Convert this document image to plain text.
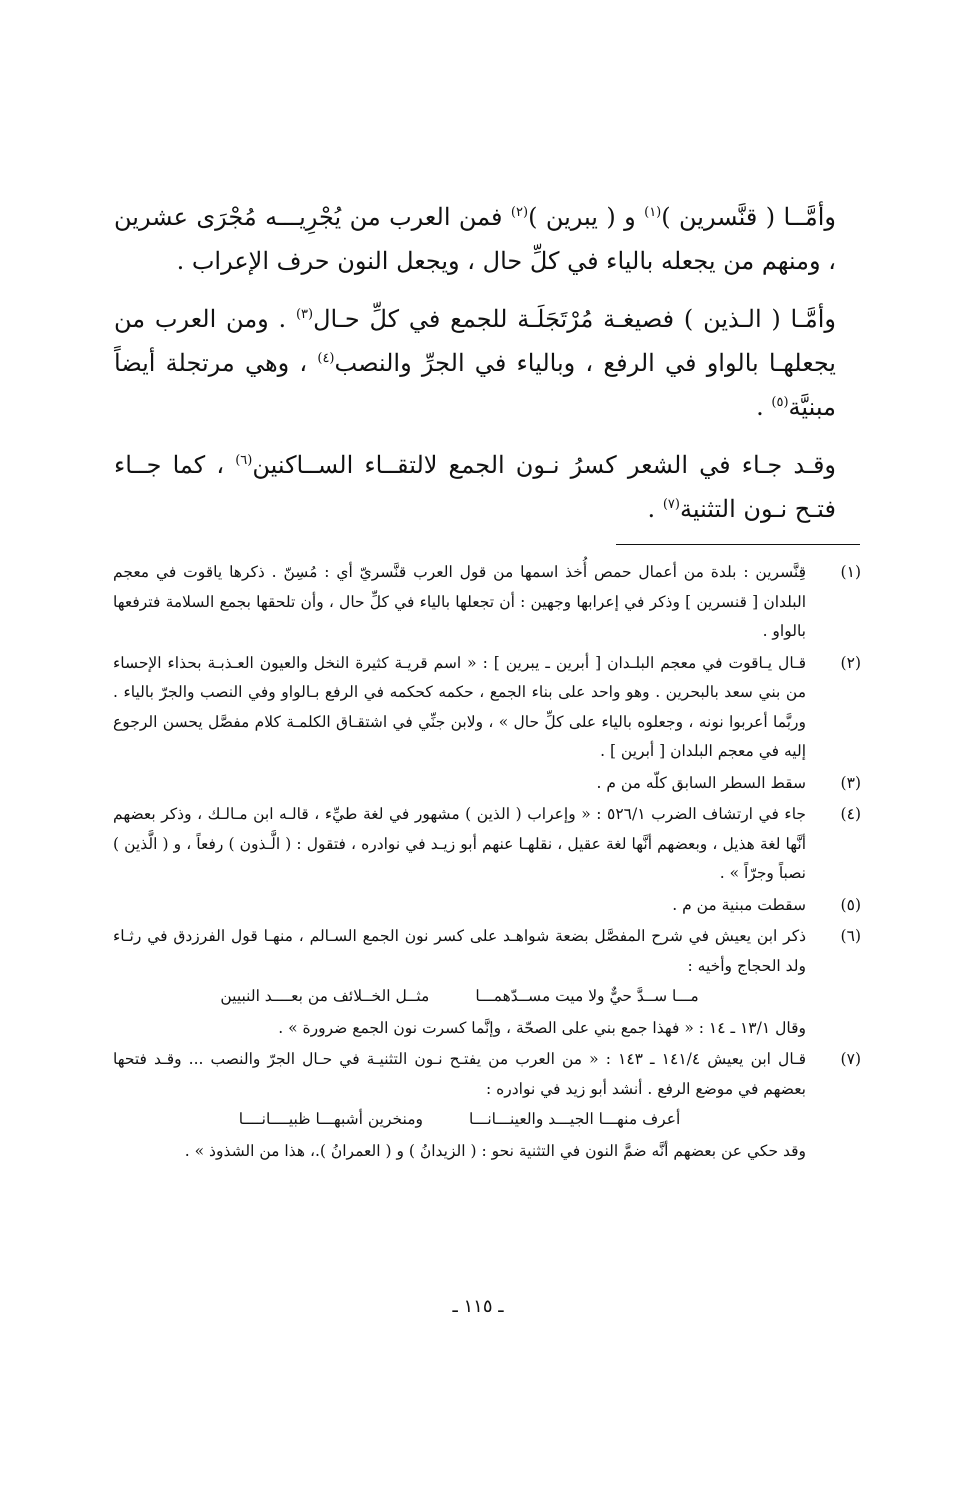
وأمَّــا ( قنَّسرين )$^{(١)}$ و ( يبرين )$^{(٢)}$ فمن العرب من يُجْرِيـــه مُجْرَى عشرين ، ومنهم من يجعله بالياء في كلِّ حال ، ويجعل النون حرف الإعراب .

وأمَّـا ( الـذين ) فصيغـة مُرْتَجَلَـة للجمع في كلِّ حـال$^{(٣)}$ . ومن العرب من يجعلهـا بالواو في الرفع ، وبالياء في الجرِّ والنصب$^{(٤)}$ ، وهي مرتجلة أيضاً مبنيَّة$^{(٥)}$ .

وقـد جـاء في الشعر كسرُ نـون الجمع لالتقــاء الســاكنين$^{(٦)}$ ، كما جــاء فتـح نـون التثنية$^{(٧)}$ .

(١)

قِنَّسرين : بلدة من أعمال حمص أُخذ اسمها من قول العرب قنَّسريّ أي : مُسِنّ . ذكرها ياقوت في معجم البلدان [ قنسرين ] وذكر في إعرابها وجهين : أن تجعلها بالياء في كلِّ حال ، وأن تلحقها بجمع السلامة فترفعها بالواو .

(٢)

قـال يـاقوت في معجم البلـدان [ أبرين ـ يبرين ] : « اسم قريـة كثيرة النخل والعيون العـذبـة بحذاء الإحساء من بني سعد بالبحرين . وهو واحد على بناء الجمع ، حكمه كحكمه في الرفع بـالواو وفي النصب والجرّ بالياء . وربَّما أعربوا نونه ، وجعلوه بالياء على كلِّ حال » ، ولابن جنِّي في اشتقـاق الكلمـة كلام مفصَّل يحسن الرجوع إليه في معجم البلدان [ أبرين ] .

(٣)

سقط السطر السابق كلّه من م .

(٤)

جاء في ارتشاف الضرب ٥٢٦/١ : « وإعراب ( الذين ) مشهور في لغة طيِّء ، قالـه ابن مـالـك ، وذكر بعضهم أنَّها لغة هذيل ، وبعضهم أنَّها لغة عقيل ، نقلهـا عنهم أبو زيـد في نوادره ، فتقول : ( الَّـذون ) رفعاً ، و ( الَّذين ) نصباً وجرّاً » .

(٥)

سقطت مبنية من م .

(٦)

ذكر ابن يعيش في شرح المفصَّل بضعة شواهـد على كسر نون الجمع السـالم ، منهـا قول الفرزدق في رثـاء ولد الحجاج وأخيه :

مـــا ســدَّ حيٌّ ولا ميت مســدّهمـــا
مثــل الخــلائف من بعــــد النبيين

وقال ١٣/١ ـ ١٤ : « فهذا جمع بني على الصحّة ، وإنَّما كسرت نون الجمع ضرورة » .

(٧)

قـال ابن يعيش ١٤١/٤ ـ ١٤٣ : « من العرب من يفتـح نـون التثنيـة في حـال الجرّ والنصب ... وقـد فتحها بعضهم في موضع الرفع . أنشد أبو زيد في نوادره :

أعرف منهـــا الجيـــد والعينـــانـــا
ومنخرين أشبهـــا ظبيــــانــــا

وقد حكي عن بعضهم أنَّه ضمَّ النون في التثنية نحو : ( الزيدانُ ) و ( العمرانُ ).، هذا من الشذوذ » .

ـ ١١٥ ـ
